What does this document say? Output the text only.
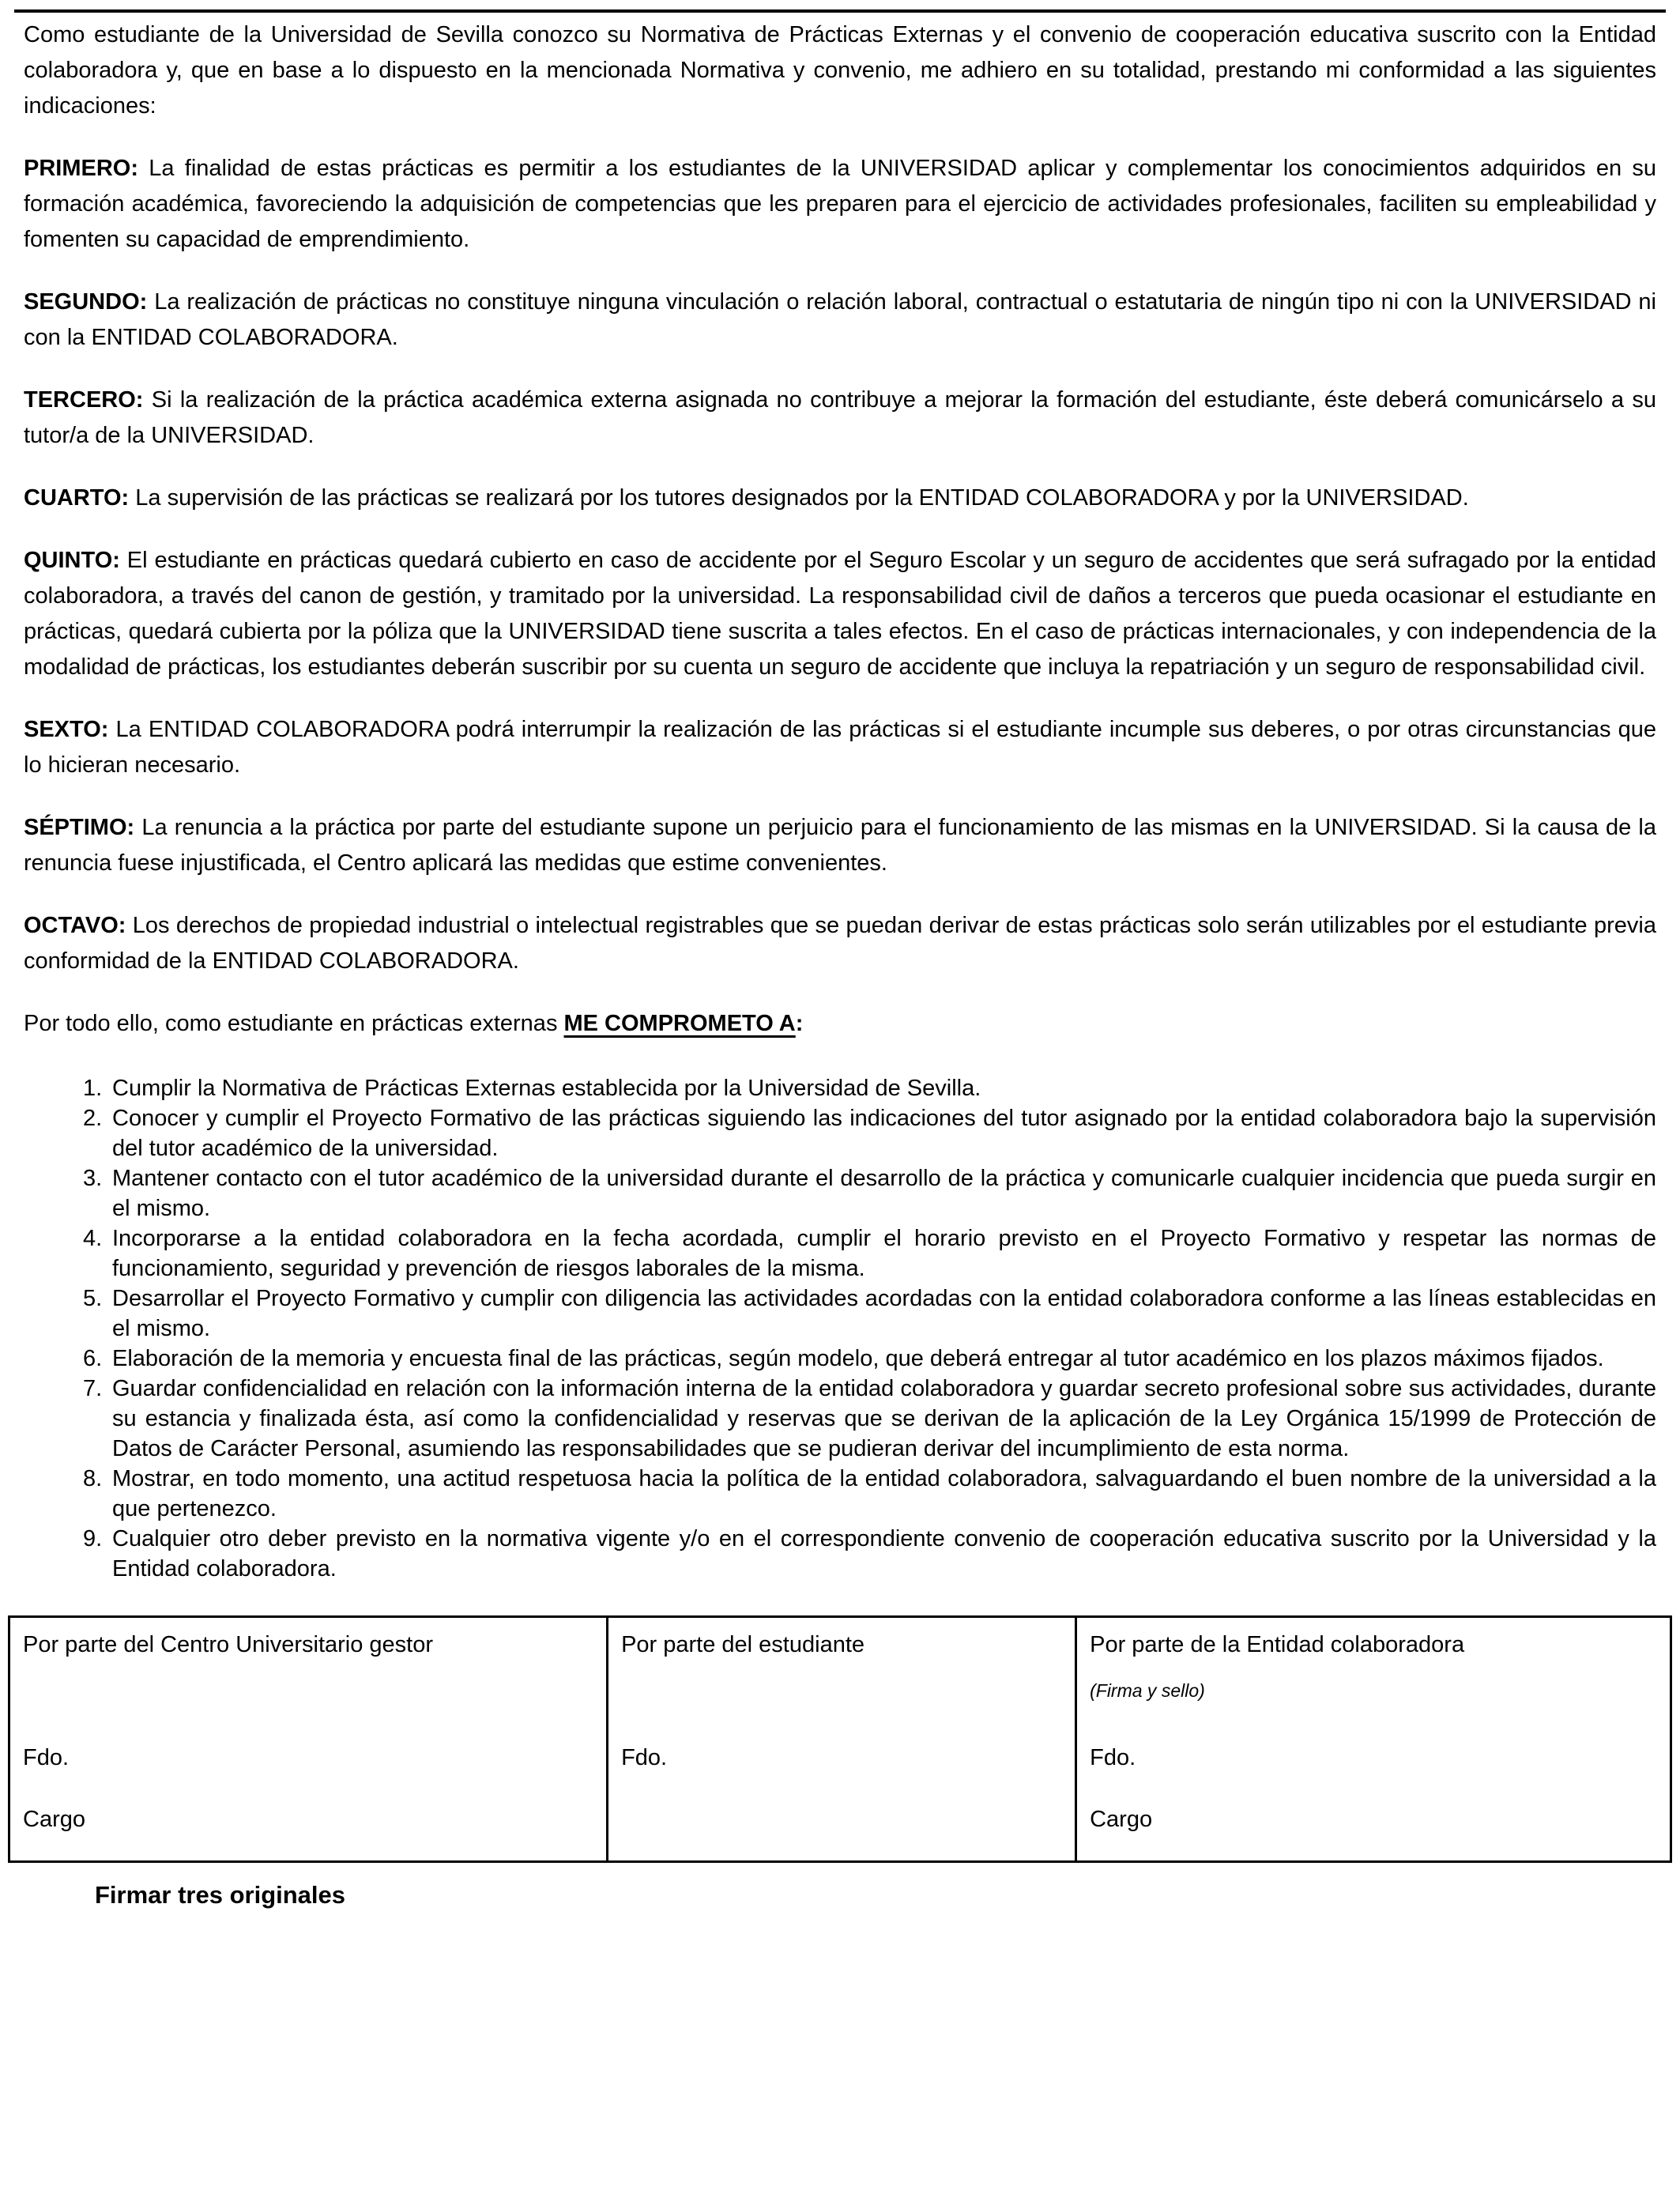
Como estudiante de la Universidad de Sevilla conozco su Normativa de Prácticas Externas y el convenio de cooperación educativa suscrito con la Entidad colaboradora y, que en base a lo dispuesto en la mencionada Normativa y convenio, me adhiero en su totalidad, prestando mi conformidad a las siguientes indicaciones:

PRIMERO: La finalidad de estas prácticas es permitir a los estudiantes de la UNIVERSIDAD aplicar y complementar los conocimientos adquiridos en su formación académica, favoreciendo la adquisición de competencias que les preparen para el ejercicio de actividades profesionales, faciliten su empleabilidad y fomenten su capacidad de emprendimiento.

SEGUNDO: La realización de prácticas no constituye ninguna vinculación o relación laboral, contractual o estatutaria de ningún tipo ni con la UNIVERSIDAD ni con la ENTIDAD COLABORADORA.

TERCERO: Si la realización de la práctica académica externa asignada no contribuye a mejorar la formación del estudiante, éste deberá comunicárselo a su tutor/a de la UNIVERSIDAD.

CUARTO: La supervisión de las prácticas se realizará por los tutores designados por la ENTIDAD COLABORADORA y por la UNIVERSIDAD.

QUINTO: El estudiante en prácticas quedará cubierto en caso de accidente por el Seguro Escolar y un seguro de accidentes que será sufragado por la entidad colaboradora, a través del canon de gestión, y tramitado por la universidad. La responsabilidad civil de daños a terceros que pueda ocasionar el estudiante en prácticas, quedará cubierta por la póliza que la UNIVERSIDAD tiene suscrita a tales efectos. En el caso de prácticas internacionales, y con independencia de la modalidad de prácticas, los estudiantes deberán suscribir por su cuenta un seguro de accidente que incluya la repatriación y un seguro de responsabilidad civil.

SEXTO: La ENTIDAD COLABORADORA podrá interrumpir la realización de las prácticas si el estudiante incumple sus deberes, o por otras circunstancias que lo hicieran necesario.

SÉPTIMO: La renuncia a la práctica por parte del estudiante supone un perjuicio para el funcionamiento de las mismas en la UNIVERSIDAD. Si la causa de la renuncia fuese injustificada, el Centro aplicará las medidas que estime convenientes.

OCTAVO: Los derechos de propiedad industrial o intelectual registrables que se puedan derivar de estas prácticas solo serán utilizables por el estudiante previa conformidad de la ENTIDAD COLABORADORA.

Por todo ello, como estudiante en prácticas externas ME COMPROMETO A:

1. Cumplir la Normativa de Prácticas Externas establecida por la Universidad de Sevilla.
2. Conocer y cumplir el Proyecto Formativo de las prácticas siguiendo las indicaciones del tutor asignado por la entidad colaboradora bajo la supervisión del tutor académico de la universidad.
3. Mantener contacto con el tutor académico de la universidad durante el desarrollo de la práctica y comunicarle cualquier incidencia que pueda surgir en el mismo.
4. Incorporarse a la entidad colaboradora en la fecha acordada, cumplir el horario previsto en el Proyecto Formativo y respetar las normas de funcionamiento, seguridad y prevención de riesgos laborales de la misma.
5. Desarrollar el Proyecto Formativo y cumplir con diligencia las actividades acordadas con la entidad colaboradora conforme a las líneas establecidas en el mismo.
6. Elaboración de la memoria y encuesta final de las prácticas, según modelo, que deberá entregar al tutor académico en los plazos máximos fijados.
7. Guardar confidencialidad en relación con la información interna de la entidad colaboradora y guardar secreto profesional sobre sus actividades, durante su estancia y finalizada ésta, así como la confidencialidad y reservas que se derivan de la aplicación de la Ley Orgánica 15/1999 de Protección de Datos de Carácter Personal, asumiendo las responsabilidades que se pudieran derivar del incumplimiento de esta norma.
8. Mostrar, en todo momento, una actitud respetuosa hacia la política de la entidad colaboradora, salvaguardando el buen nombre de la universidad a la que pertenezco.
9. Cualquier otro deber previsto en la normativa vigente y/o en el correspondiente convenio de cooperación educativa suscrito por la Universidad y la Entidad colaboradora.

Por parte del Centro Universitario gestor

Fdo.

Cargo

Por parte del estudiante

Fdo.

Por parte de la Entidad colaboradora

(Firma y sello)

Fdo.

Cargo

Firmar tres originales
